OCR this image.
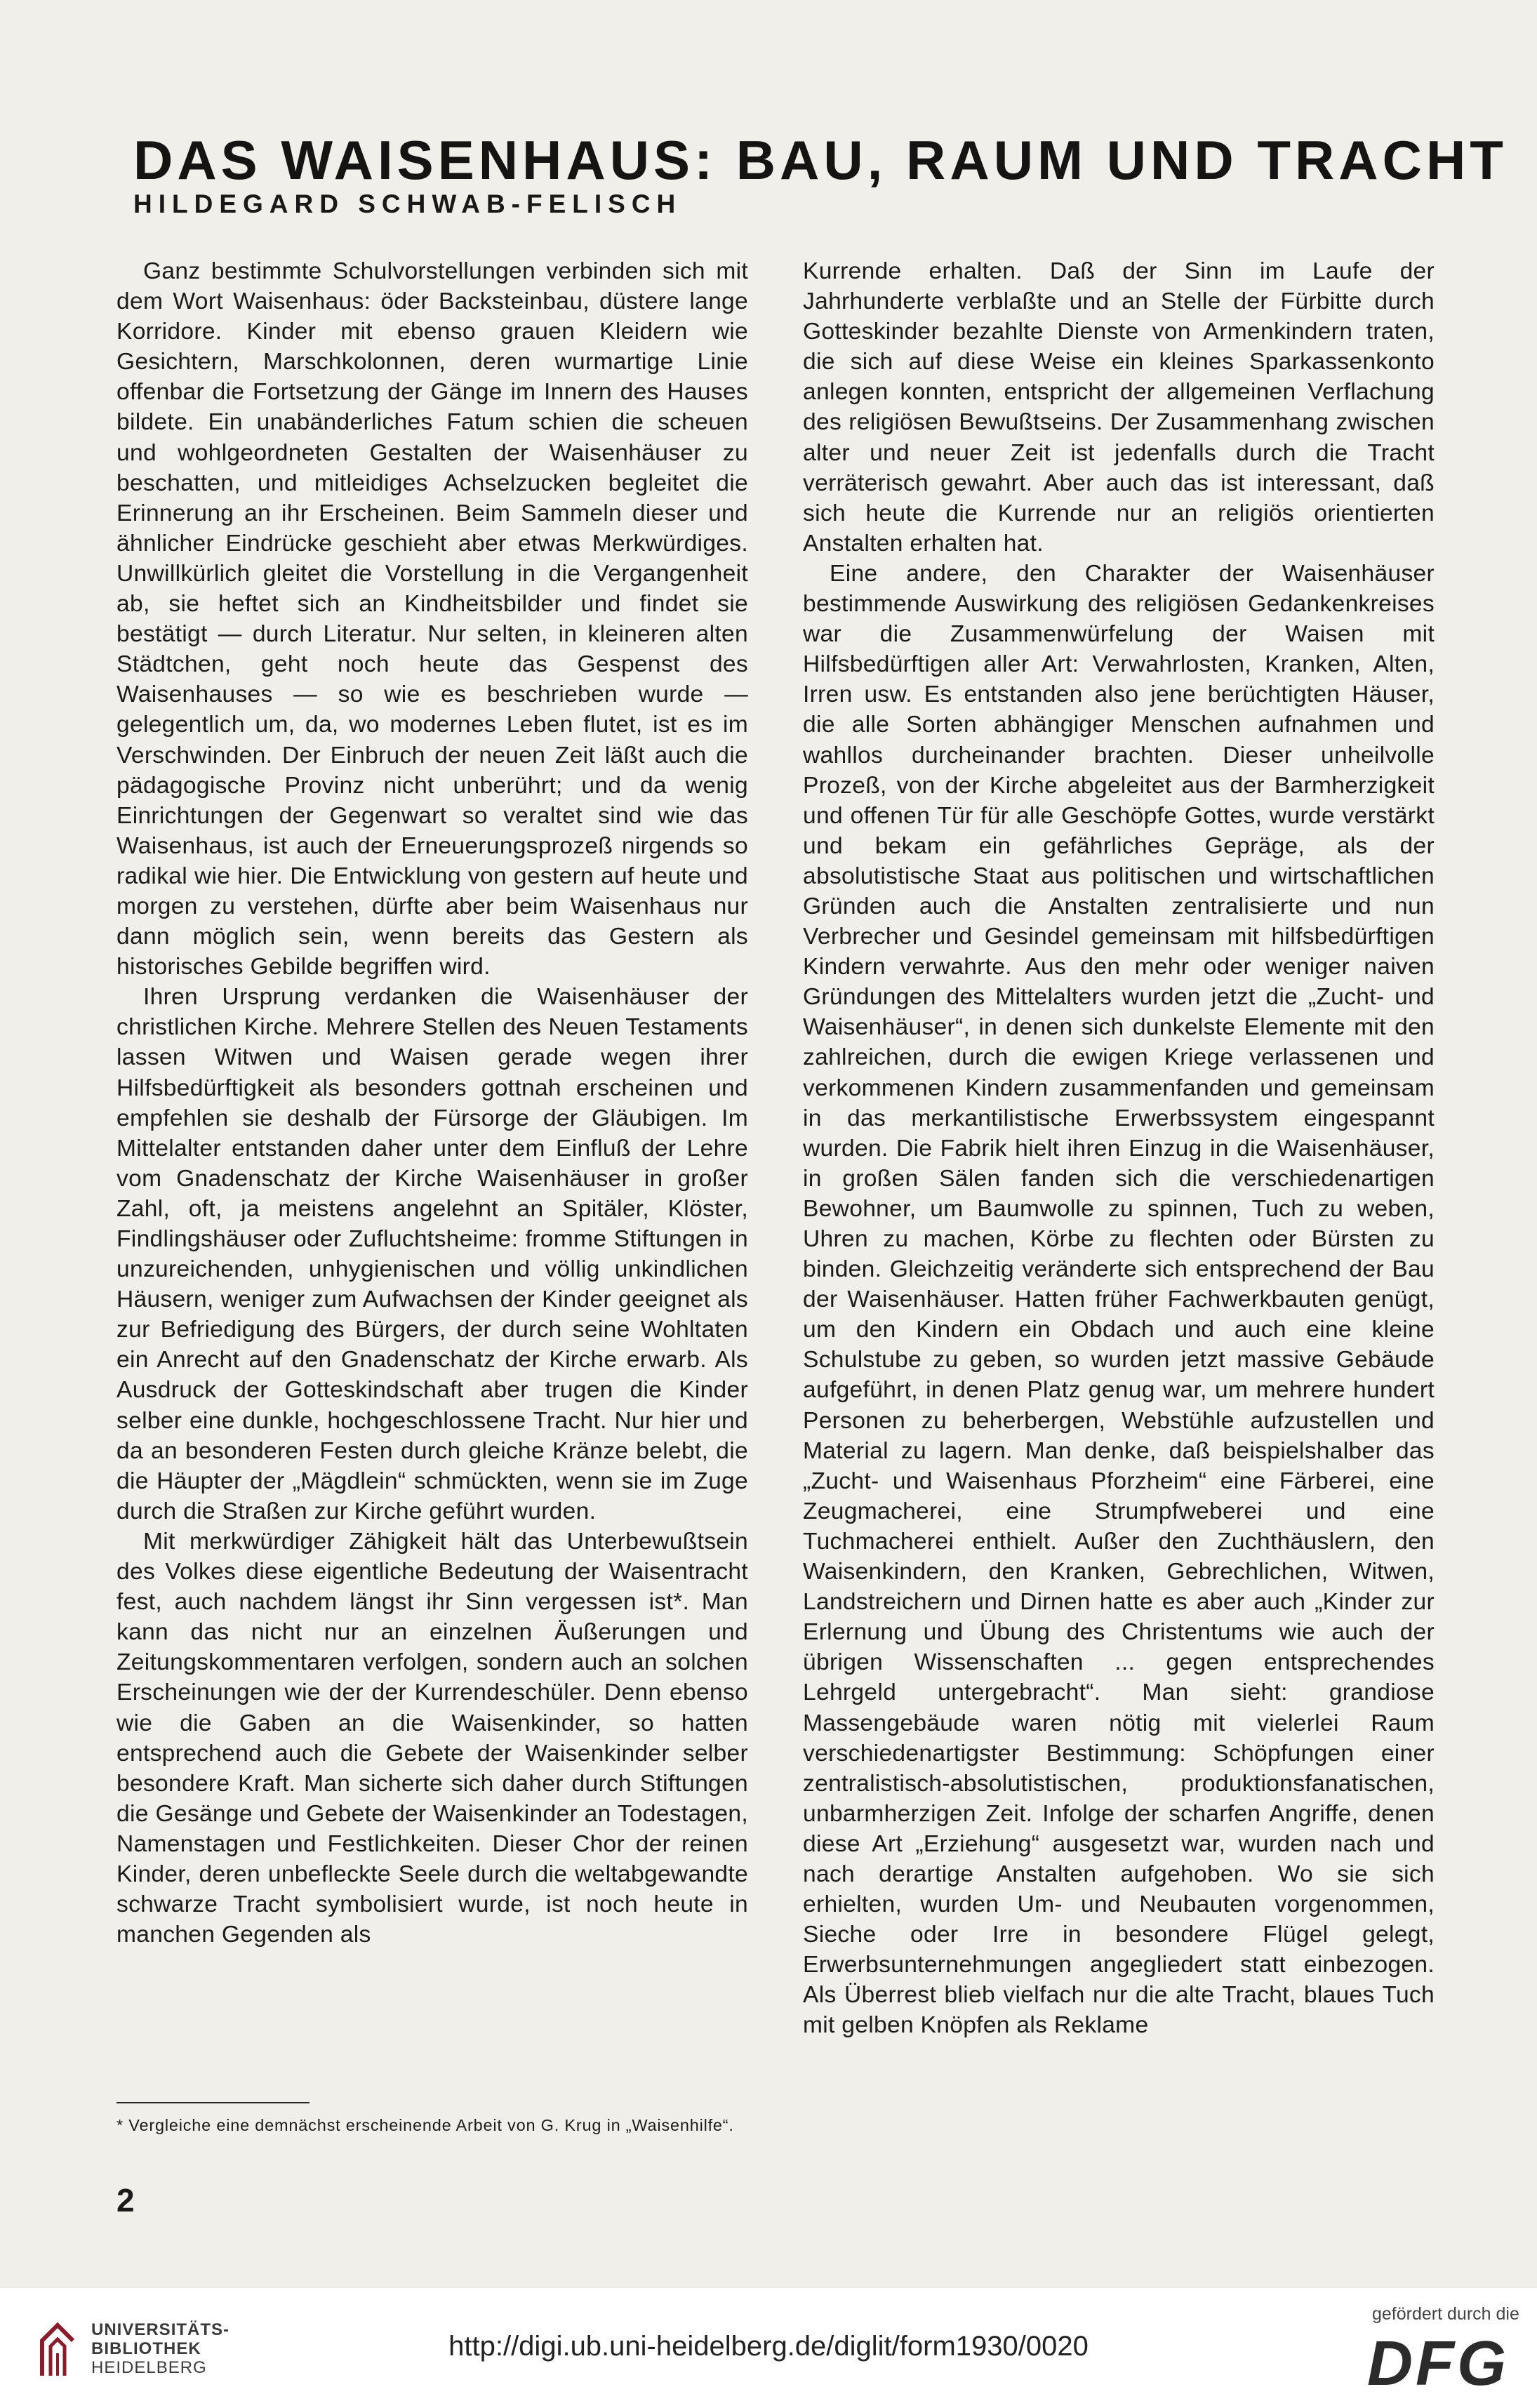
DAS WAISENHAUS: BAU, RAUM UND TRACHT
HILDEGARD SCHWAB-FELISCH

Ganz bestimmte Schulvorstellungen verbinden sich mit dem Wort Waisenhaus: öder Backsteinbau, düstere lange Korridore. Kinder mit ebenso grauen Kleidern wie Gesichtern, Marschkolonnen, deren wurmartige Linie offenbar die Fortsetzung der Gänge im Innern des Hauses bildete. Ein unabänderliches Fatum schien die scheuen und wohlgeordneten Gestalten der Waisenhäuser zu beschatten, und mitleidiges Achselzucken begleitet die Erinnerung an ihr Erscheinen. Beim Sammeln dieser und ähnlicher Eindrücke geschieht aber etwas Merkwürdiges. Unwillkürlich gleitet die Vorstellung in die Vergangenheit ab, sie heftet sich an Kindheitsbilder und findet sie bestätigt — durch Literatur. Nur selten, in kleineren alten Städtchen, geht noch heute das Gespenst des Waisenhauses — so wie es beschrieben wurde — gelegentlich um, da, wo modernes Leben flutet, ist es im Verschwinden. Der Einbruch der neuen Zeit läßt auch die pädagogische Provinz nicht unberührt; und da wenig Einrichtungen der Gegenwart so veraltet sind wie das Waisenhaus, ist auch der Erneuerungsprozeß nirgends so radikal wie hier. Die Entwicklung von gestern auf heute und morgen zu verstehen, dürfte aber beim Waisenhaus nur dann möglich sein, wenn bereits das Gestern als historisches Gebilde begriffen wird.

Ihren Ursprung verdanken die Waisenhäuser der christlichen Kirche. Mehrere Stellen des Neuen Testaments lassen Witwen und Waisen gerade wegen ihrer Hilfsbedürftigkeit als besonders gottnah erscheinen und empfehlen sie deshalb der Fürsorge der Gläubigen. Im Mittelalter entstanden daher unter dem Einfluß der Lehre vom Gnadenschatz der Kirche Waisenhäuser in großer Zahl, oft, ja meistens angelehnt an Spitäler, Klöster, Findlingshäuser oder Zufluchtsheime: fromme Stiftungen in unzureichenden, unhygienischen und völlig unkindlichen Häusern, weniger zum Aufwachsen der Kinder geeignet als zur Befriedigung des Bürgers, der durch seine Wohltaten ein Anrecht auf den Gnadenschatz der Kirche erwarb. Als Ausdruck der Gotteskindschaft aber trugen die Kinder selber eine dunkle, hochgeschlossene Tracht. Nur hier und da an besonderen Festen durch gleiche Kränze belebt, die die Häupter der „Mägdlein“ schmückten, wenn sie im Zuge durch die Straßen zur Kirche geführt wurden.

Mit merkwürdiger Zähigkeit hält das Unterbewußtsein des Volkes diese eigentliche Bedeutung der Waisentracht fest, auch nachdem längst ihr Sinn vergessen ist*. Man kann das nicht nur an einzelnen Äußerungen und Zeitungskommentaren verfolgen, sondern auch an solchen Erscheinungen wie der der Kurrendeschüler. Denn ebenso wie die Gaben an die Waisenkinder, so hatten entsprechend auch die Gebete der Waisenkinder selber besondere Kraft. Man sicherte sich daher durch Stiftungen die Gesänge und Gebete der Waisenkinder an Todestagen, Namenstagen und Festlichkeiten. Dieser Chor der reinen Kinder, deren unbefleckte Seele durch die weltabgewandte schwarze Tracht symbolisiert wurde, ist noch heute in manchen Gegenden als

Kurrende erhalten. Daß der Sinn im Laufe der Jahrhunderte verblaßte und an Stelle der Fürbitte durch Gotteskinder bezahlte Dienste von Armenkindern traten, die sich auf diese Weise ein kleines Sparkassenkonto anlegen konnten, entspricht der allgemeinen Verflachung des religiösen Bewußtseins. Der Zusammenhang zwischen alter und neuer Zeit ist jedenfalls durch die Tracht verräterisch gewahrt. Aber auch das ist interessant, daß sich heute die Kurrende nur an religiös orientierten Anstalten erhalten hat.

Eine andere, den Charakter der Waisenhäuser bestimmende Auswirkung des religiösen Gedankenkreises war die Zusammenwürfelung der Waisen mit Hilfsbedürftigen aller Art: Verwahrlosten, Kranken, Alten, Irren usw. Es entstanden also jene berüchtigten Häuser, die alle Sorten abhängiger Menschen aufnahmen und wahllos durcheinander brachten. Dieser unheilvolle Prozeß, von der Kirche abgeleitet aus der Barmherzigkeit und offenen Tür für alle Geschöpfe Gottes, wurde verstärkt und bekam ein gefährliches Gepräge, als der absolutistische Staat aus politischen und wirtschaftlichen Gründen auch die Anstalten zentralisierte und nun Verbrecher und Gesindel gemeinsam mit hilfsbedürftigen Kindern verwahrte. Aus den mehr oder weniger naiven Gründungen des Mittelalters wurden jetzt die „Zucht- und Waisenhäuser“, in denen sich dunkelste Elemente mit den zahlreichen, durch die ewigen Kriege verlassenen und verkommenen Kindern zusammenfanden und gemeinsam in das merkantilistische Erwerbssystem eingespannt wurden. Die Fabrik hielt ihren Einzug in die Waisenhäuser, in großen Sälen fanden sich die verschiedenartigen Bewohner, um Baumwolle zu spinnen, Tuch zu weben, Uhren zu machen, Körbe zu flechten oder Bürsten zu binden. Gleichzeitig veränderte sich entsprechend der Bau der Waisenhäuser. Hatten früher Fachwerkbauten genügt, um den Kindern ein Obdach und auch eine kleine Schulstube zu geben, so wurden jetzt massive Gebäude aufgeführt, in denen Platz genug war, um mehrere hundert Personen zu beherbergen, Webstühle aufzustellen und Material zu lagern. Man denke, daß beispielshalber das „Zucht- und Waisenhaus Pforzheim“ eine Färberei, eine Zeugmacherei, eine Strumpfweberei und eine Tuchmacherei enthielt. Außer den Zuchthäuslern, den Waisenkindern, den Kranken, Gebrechlichen, Witwen, Landstreichern und Dirnen hatte es aber auch „Kinder zur Erlernung und Übung des Christentums wie auch der übrigen Wissenschaften ... gegen entsprechendes Lehrgeld untergebracht“. Man sieht: grandiose Massengebäude waren nötig mit vielerlei Raum verschiedenartigster Bestimmung: Schöpfungen einer zentralistisch-absolutistischen, produktionsfanatischen, unbarmherzigen Zeit. Infolge der scharfen Angriffe, denen diese Art „Erziehung“ ausgesetzt war, wurden nach und nach derartige Anstalten aufgehoben. Wo sie sich erhielten, wurden Um- und Neubauten vorgenommen, Sieche oder Irre in besondere Flügel gelegt, Erwerbsunternehmungen angegliedert statt einbezogen. Als Überrest blieb vielfach nur die alte Tracht, blaues Tuch mit gelben Knöpfen als Reklame

* Vergleiche eine demnächst erscheinende Arbeit von G. Krug in „Waisenhilfe“.
2
UNIVERSITÄTS-
BIBLIOTHEK
HEIDELBERG
http://digi.ub.uni-heidelberg.de/diglit/form1930/0020
gefördert durch die
DFG
